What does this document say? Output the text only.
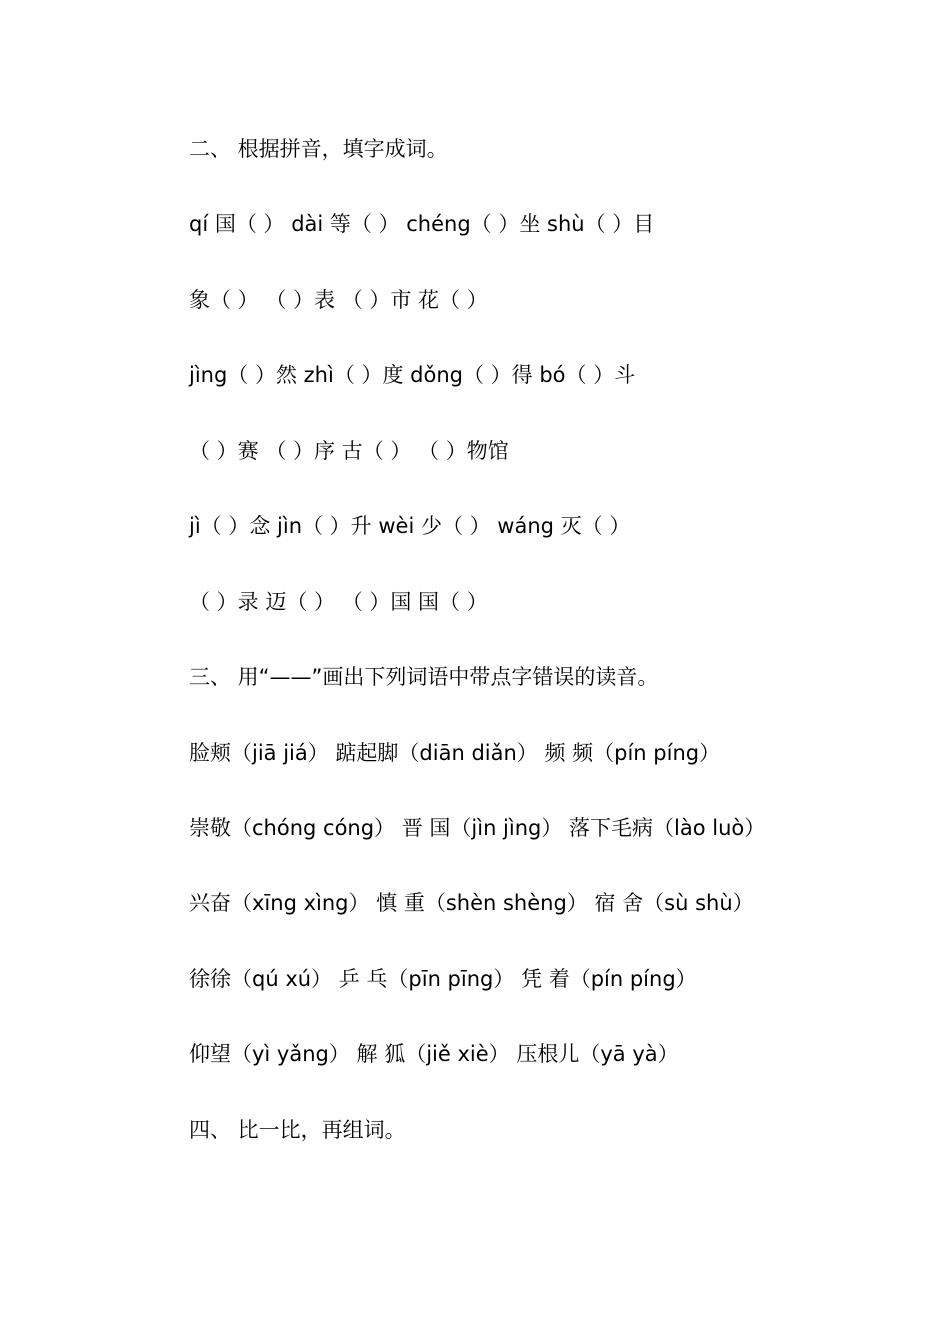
二、 根据拼音，填字成词。
qí 国（ ） dài 等（ ） chéng（ ）坐 shù（ ）目
象（ ） （ ）表 （ ）市 花（ ）
jìng（ ）然 zhì（ ）度 dǒng（ ）得 bó（ ）斗
（ ）赛 （ ）序 古（ ） （ ）物馆
jì（ ）念 jìn（ ）升 wèi 少（ ） wáng 灭（ ）
（ ）录 迈（ ） （ ）国 国（ ）
三、 用“——”画出下列词语中带点字错误的读音。
脸颊（jiā jiá） 踮起脚（diān diǎn） 频 频（pín píng）
崇敬（chóng cóng） 晋 国（jìn jìng） 落下毛病（lào luò）
兴奋（xīng xìng） 慎 重（shèn shèng） 宿 舍（sù shù）
徐徐（qú xú） 乒 乓（pīn pīng） 凭 着（pín píng）
仰望（yì yǎng） 解 狐（jiě xiè） 压根儿（yā yà）
四、 比一比，再组词。
